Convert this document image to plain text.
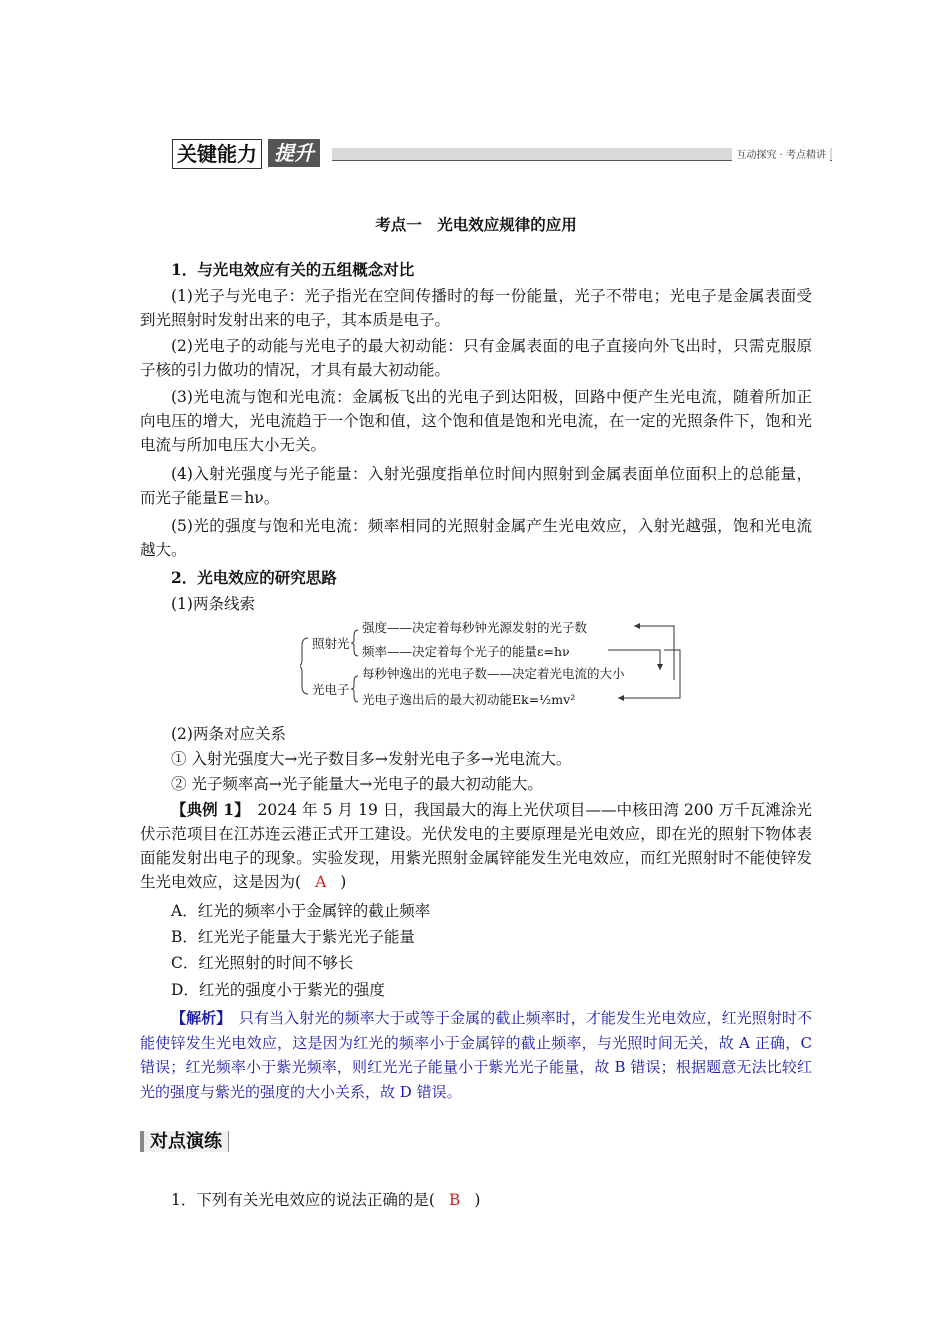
关键能力 提升	互动探究 · 考点精讲
考点一　光电效应规律的应用
1．与光电效应有关的五组概念对比
(1)光子与光电子：光子指光在空间传播时的每一份能量，光子不带电；光电子是金属表面受到光照射时发射出来的电子，其本质是电子。
(2)光电子的动能与光电子的最大初动能：只有金属表面的电子直接向外飞出时，只需克服原子核的引力做功的情况，才具有最大初动能。
(3)光电流与饱和光电流：金属板飞出的光电子到达阳极，回路中便产生光电流，随着所加正向电压的增大，光电流趋于一个饱和值，这个饱和值是饱和光电流，在一定的光照条件下，饱和光电流与所加电压大小无关。
(4)入射光强度与光子能量：入射光强度指单位时间内照射到金属表面单位面积上的总能量，而光子能量E＝hν。
(5)光的强度与饱和光电流：频率相同的光照射金属产生光电效应，入射光越强，饱和光电流越大。
2．光电效应的研究思路
(1)两条线索
照射光
光电子
强度——决定着每秒钟光源发射的光子数
频率——决定着每个光子的能量ε=hν
每秒钟逸出的光电子数——决定着光电流的大小
光电子逸出后的最大初动能Ek=½mv²
(2)两条对应关系
① 入射光强度大→光子数目多→发射光电子多→光电流大。
② 光子频率高→光子能量大→光电子的最大初动能大。
【典例 1】　2024 年 5 月 19 日，我国最大的海上光伏项目——中核田湾 200 万千瓦滩涂光伏示范项目在江苏连云港正式开工建设。光伏发电的主要原理是光电效应，即在光的照射下物体表面能发射出电子的现象。实验发现，用紫光照射金属锌能发生光电效应，而红光照射时不能使锌发生光电效应，这是因为( A )
A．红光的频率小于金属锌的截止频率
B．红光光子能量大于紫光光子能量
C．红光照射的时间不够长
D．红光的强度小于紫光的强度
【解析】　只有当入射光的频率大于或等于金属的截止频率时，才能发生光电效应，红光照射时不能使锌发生光电效应，这是因为红光的频率小于金属锌的截止频率，与光照时间无关，故 A 正确，C 错误；红光频率小于紫光频率，则红光光子能量小于紫光光子能量，故 B 错误；根据题意无法比较红光的强度与紫光的强度的大小关系，故 D 错误。
对点演练
1．下列有关光电效应的说法正确的是( B )
